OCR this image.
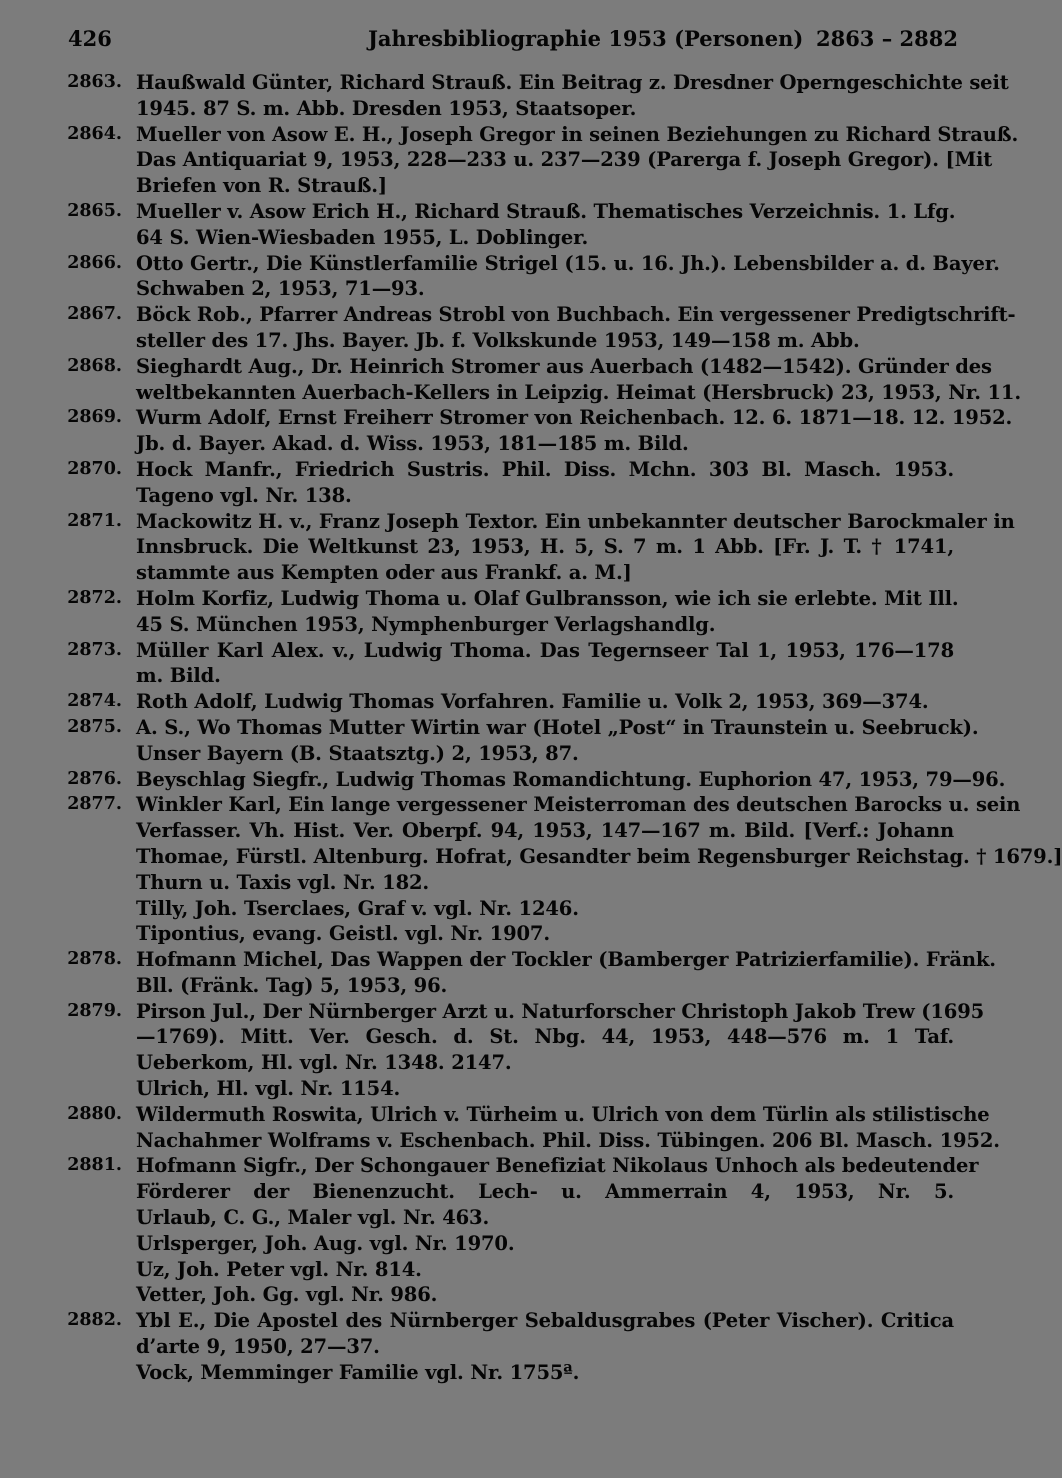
426	Jahresbibliographie 1953 (Personen) 2863 – 2882
2863. Haußwald Günter, Richard Strauß. Ein Beitrag z. Dresdner Operngeschichte seit
1945. 87 S. m. Abb. Dresden 1953, Staatsoper.
2864. Mueller von Asow E. H., Joseph Gregor in seinen Beziehungen zu Richard Strauß.
Das Antiquariat 9, 1953, 228—233 u. 237—239 (Parerga f. Joseph Gregor). [Mit
Briefen von R. Strauß.]
2865. Mueller v. Asow Erich H., Richard Strauß. Thematisches Verzeichnis. 1. Lfg.
64 S. Wien-Wiesbaden 1955, L. Doblinger.
2866. Otto Gertr., Die Künstlerfamilie Strigel (15. u. 16. Jh.). Lebensbilder a. d. Bayer.
Schwaben 2, 1953, 71—93.
2867. Böck Rob., Pfarrer Andreas Strobl von Buchbach. Ein vergessener Predigtschrift-
steller des 17. Jhs. Bayer. Jb. f. Volkskunde 1953, 149—158 m. Abb.
2868. Sieghardt Aug., Dr. Heinrich Stromer aus Auerbach (1482—1542). Gründer des
weltbekannten Auerbach-Kellers in Leipzig. Heimat (Hersbruck) 23, 1953, Nr. 11.
2869. Wurm Adolf, Ernst Freiherr Stromer von Reichenbach. 12. 6. 1871—18. 12. 1952.
Jb. d. Bayer. Akad. d. Wiss. 1953, 181—185 m. Bild.
2870. Hock Manfr., Friedrich Sustris. Phil. Diss. Mchn. 303 Bl. Masch. 1953.
Tageno vgl. Nr. 138.
2871. Mackowitz H. v., Franz Joseph Textor. Ein unbekannter deutscher Barockmaler in
Innsbruck. Die Weltkunst 23, 1953, H. 5, S. 7 m. 1 Abb. [Fr. J. T. † 1741,
stammte aus Kempten oder aus Frankf. a. M.]
2872. Holm Korfiz, Ludwig Thoma u. Olaf Gulbransson, wie ich sie erlebte. Mit Ill.
45 S. München 1953, Nymphenburger Verlagshandlg.
2873. Müller Karl Alex. v., Ludwig Thoma. Das Tegernseer Tal 1, 1953, 176—178
m. Bild.
2874. Roth Adolf, Ludwig Thomas Vorfahren. Familie u. Volk 2, 1953, 369—374.
2875. A. S., Wo Thomas Mutter Wirtin war (Hotel „Post“ in Traunstein u. Seebruck).
Unser Bayern (B. Staatsztg.) 2, 1953, 87.
2876. Beyschlag Siegfr., Ludwig Thomas Romandichtung. Euphorion 47, 1953, 79—96.
2877. Winkler Karl, Ein lange vergessener Meisterroman des deutschen Barocks u. sein
Verfasser. Vh. Hist. Ver. Oberpf. 94, 1953, 147—167 m. Bild. [Verf.: Johann
Thomae, Fürstl. Altenburg. Hofrat, Gesandter beim Regensburger Reichstag. † 1679.]
Thurn u. Taxis vgl. Nr. 182.
Tilly, Joh. Tserclaes, Graf v. vgl. Nr. 1246.
Tipontius, evang. Geistl. vgl. Nr. 1907.
2878. Hofmann Michel, Das Wappen der Tockler (Bamberger Patrizierfamilie). Fränk.
Bll. (Fränk. Tag) 5, 1953, 96.
2879. Pirson Jul., Der Nürnberger Arzt u. Naturforscher Christoph Jakob Trew (1695
—1769). Mitt. Ver. Gesch. d. St. Nbg. 44, 1953, 448—576 m. 1 Taf.
Ueberkom, Hl. vgl. Nr. 1348. 2147.
Ulrich, Hl. vgl. Nr. 1154.
2880. Wildermuth Roswita, Ulrich v. Türheim u. Ulrich von dem Türlin als stilistische
Nachahmer Wolframs v. Eschenbach. Phil. Diss. Tübingen. 206 Bl. Masch. 1952.
2881. Hofmann Sigfr., Der Schongauer Benefiziat Nikolaus Unhoch als bedeutender
Förderer der Bienenzucht. Lech- u. Ammerrain 4, 1953, Nr. 5.
Urlaub, C. G., Maler vgl. Nr. 463.
Urlsperger, Joh. Aug. vgl. Nr. 1970.
Uz, Joh. Peter vgl. Nr. 814.
Vetter, Joh. Gg. vgl. Nr. 986.
2882. Ybl E., Die Apostel des Nürnberger Sebaldusgrabes (Peter Vischer). Critica
d’arte 9, 1950, 27—37.
Vock, Memminger Familie vgl. Nr. 1755ª.
